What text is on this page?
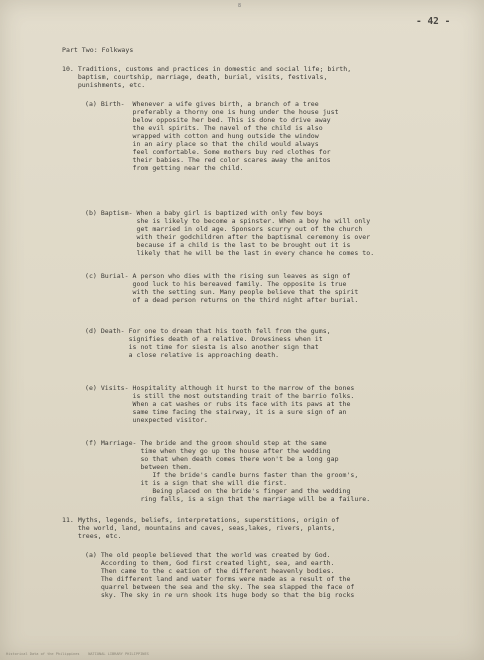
8
- 42 -
Part Two: Folkways
10. Traditions, customs and practices in domestic and social life; birth,
baptism, courtship, marriage, death, burial, visits, festivals,
punishments, etc.
(a) Birth-  Whenever a wife gives birth, a branch of a tree
preferably a thorny one is hung under the house just
below opposite her bed. This is done to drive away
the evil spirits. The navel of the child is also
wrapped with cotton and hung outside the window
in an airy place so that the child would always
feel comfortable. Some mothers buy red clothes for
their babies. The red color scares away the anitos
from getting near the child.
(b) Baptism- When a baby girl is baptized with only few boys
she is likely to become a spinster. When a boy he will only
get married in old age. Sponsors scurry out of the church
with their godchildren after the baptismal ceremony is over
because if a child is the last to be brought out it is
likely that he will be the last in every chance he comes to.
(c) Burial- A person who dies with the rising sun leaves as sign of
good luck to his bereaved family. The opposite is true
with the setting sun. Many people believe that the spirit
of a dead person returns on the third night after burial.
(d) Death- For one to dream that his tooth fell from the gums,
signifies death of a relative. Drowsiness when it
is not time for siesta is also another sign that
a close relative is approaching death.
(e) Visits- Hospitality although it hurst to the marrow of the bones
is still the most outstanding trait of the barrio folks.
When a cat washes or rubs its face with its paws at the
same time facing the stairway, it is a sure sign of an
unexpected visitor.
(f) Marriage- The bride and the groom should step at the same
time when they go up the house after the wedding
so that when death comes there won't be a long gap
between them.
If the bride's candle burns faster than the groom's,
it is a sign that she will die first.
Being placed on the bride's finger and the wedding
ring falls, is a sign that the marriage will be a failure.
11. Myths, legends, beliefs, interpretations, superstitions, origin of
the world, land, mountains and caves, seas,lakes, rivers, plants,
trees, etc.
(a) The old people believed that the world was created by God.
According to them, God first created light, sea, and earth.
Then came to the c eation of the different heavenly bodies.
The different land and water forms were made as a result of the
quarrel between the sea and the sky. The sea slapped the face of
sky. The sky in re urn shook its huge body so that the big rocks
Historical Data of the Philippines    NATIONAL LIBRARY PHILIPPINES
